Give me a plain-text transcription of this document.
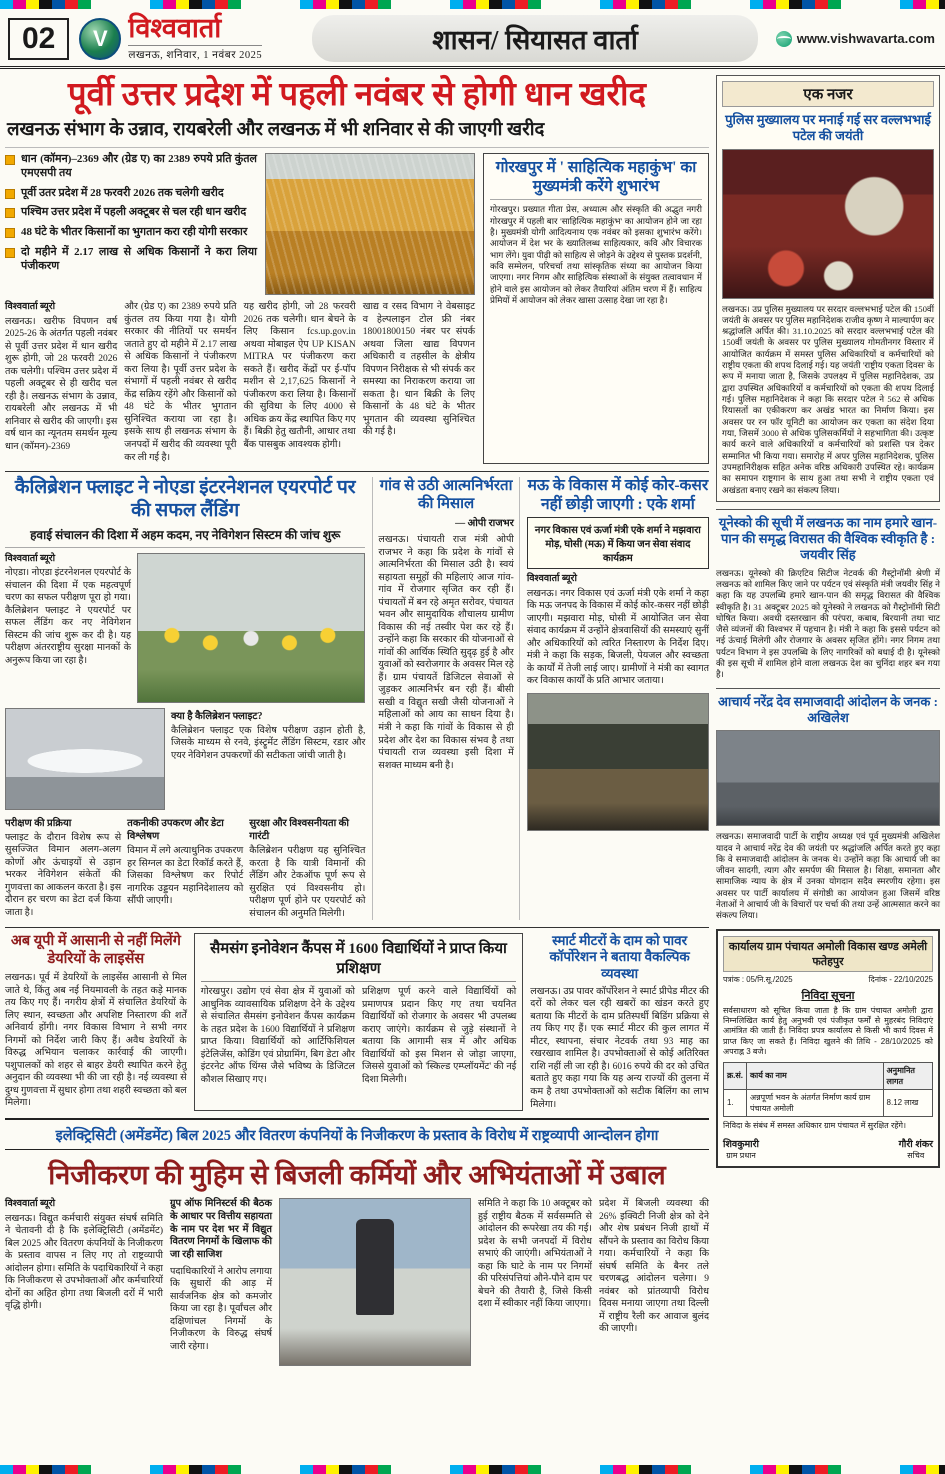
02	V विश्ववार्ता
लखनऊ, शनिवार, 1 नवंबर 2025
शासन/ सियासत वार्ता	www.vishwavarta.com
पूर्वी उत्तर प्रदेश में पहली नवंबर से होगी धान खरीद
लखनऊ संभाग के उन्नाव, रायबरेली और लखनऊ में भी शनिवार से की जाएगी खरीद
धान (कॉमन)–2369 और (ग्रेड ए) का 2389 रुपये प्रति कुंतल एमएसपी तय
पूर्वी उतर प्रदेश में 28 फरवरी 2026 तक चलेगी खरीद
पश्चिम उत्तर प्रदेश में पहली अक्टूबर से चल रही धान खरीद
48 घंटे के भीतर किसानों का भुगतान करा रही योगी सरकार
दो महीने में 2.17 लाख से अधिक किसानों ने करा लिया पंजीकरण
विश्ववार्ता ब्यूरो

लखनऊ। खरीफ विपणन वर्ष 2025-26 के अंतर्गत पहली नवंबर से पूर्वी उत्तर प्रदेश में धान खरीद शुरू होगी, जो 28 फरवरी 2026 तक चलेगी। पश्चिम उत्तर प्रदेश में पहली अक्टूबर से ही खरीद चल रही है। लखनऊ संभाग के उन्नाव, रायबरेली और लखनऊ में भी शनिवार से खरीद की जाएगी। इस वर्ष धान का न्यूनतम समर्थन मूल्य धान (कॉमन)-2369

और (ग्रेड ए) का 2389 रुपये प्रति कुंतल तय किया गया है। योगी सरकार की नीतियों पर समर्थन जताते हुए दो महीने में 2.17 लाख से अधिक किसानों ने पंजीकरण करा लिया है। पूर्वी उत्तर प्रदेश के संभागों में पहली नवंबर से खरीद केंद्र सक्रिय रहेंगे और किसानों को 48 घंटे के भीतर भुगतान सुनिश्चित कराया जा रहा है। इसके साथ ही लखनऊ संभाग के जनपदों में खरीद की व्यवस्था पूरी कर ली गई है।

यह खरीद होगी, जो 28 फरवरी 2026 तक चलेगी। धान बेचने के लिए किसान fcs.up.gov.in अथवा मोबाइल ऐप UP KISAN MITRA पर पंजीकरण करा सकते हैं। खरीद केंद्रों पर ई-पॉप मशीन से 2,17,625 किसानों ने पंजीकरण करा लिया है। किसानों की सुविधा के लिए 4000 से अधिक क्रय केंद्र स्थापित किए गए हैं। बिक्री हेतु खतौनी, आधार तथा बैंक पासबुक आवश्यक होगी।

खाद्य व रसद विभाग ने वेबसाइट व हेल्पलाइन टोल फ्री नंबर 18001800150 नंबर पर संपर्क अथवा जिला खाद्य विपणन अधिकारी व तहसील के क्षेत्रीय विपणन निरीक्षक से भी संपर्क कर समस्या का निराकरण कराया जा सकता है। धान बिक्री के लिए किसानों के 48 घंटे के भीतर भुगतान की व्यवस्था सुनिश्चित की गई है।

गोरखपुर में ' साहित्यिक महाकुंभ' का मुख्यमंत्री करेंगे शुभारंभ

गोरखपुर। प्रख्यात गीता प्रेस, अध्यात्म और संस्कृति की अद्भुत नगरी गोरखपुर में पहली बार 'साहित्यिक महाकुंभ' का आयोजन होने जा रहा है। मुख्यमंत्री योगी आदित्यनाथ एक नवंबर को इसका शुभारंभ करेंगे। आयोजन में देश भर के ख्यातिलब्ध साहित्यकार, कवि और विचारक भाग लेंगे। युवा पीढ़ी को साहित्य से जोड़ने के उद्देश्य से पुस्तक प्रदर्शनी, कवि सम्मेलन, परिचर्चा तथा सांस्कृतिक संध्या का आयोजन किया जाएगा। नगर निगम और साहित्यिक संस्थाओं के संयुक्त तत्वावधान में होने वाले इस आयोजन को लेकर तैयारियां अंतिम चरण में हैं। साहित्य प्रेमियों में आयोजन को लेकर खासा उत्साह देखा जा रहा है।

कैलिब्रेशन फ्लाइट ने नोएडा इंटरनेशनल एयरपोर्ट पर की सफल लैंडिंग
हवाई संचालन की दिशा में अहम कदम, नए नेविगेशन सिस्टम की जांच शुरू
विश्ववार्ता ब्यूरो

नोएडा। नोएडा इंटरनेशनल एयरपोर्ट के संचालन की दिशा में एक महत्वपूर्ण चरण का सफल परीक्षण पूरा हो गया। कैलिब्रेशन फ्लाइट ने एयरपोर्ट पर सफल लैंडिंग कर नए नेविगेशन सिस्टम की जांच शुरू कर दी है। यह परीक्षण अंतरराष्ट्रीय सुरक्षा मानकों के अनुरूप किया जा रहा है।

क्या है कैलिब्रेशन फ्लाइट?

कैलिब्रेशन फ्लाइट एक विशेष परीक्षण उड़ान होती है, जिसके माध्यम से रनवे, इंस्ट्रूमेंट लैंडिंग सिस्टम, रडार और एयर नेविगेशन उपकरणों की सटीकता जांची जाती है।

परीक्षण की प्रक्रिया

फ्लाइट के दौरान विशेष रूप से सुसज्जित विमान अलग-अलग कोणों और ऊंचाइयों से उड़ान भरकर नेविगेशन संकेतों की गुणवत्ता का आकलन करता है। इस दौरान हर चरण का डेटा दर्ज किया जाता है।

तकनीकी उपकरण और डेटा विश्लेषण

विमान में लगे अत्याधुनिक उपकरण हर सिग्नल का डेटा रिकॉर्ड करते हैं, जिसका विश्लेषण कर रिपोर्ट नागरिक उड्डयन महानिदेशालय को सौंपी जाएगी।

सुरक्षा और विश्वसनीयता की गारंटी

कैलिब्रेशन परीक्षण यह सुनिश्चित करता है कि यात्री विमानों की लैंडिंग और टेकऑफ पूर्ण रूप से सुरक्षित एवं विश्वसनीय हो। परीक्षण पूर्ण होने पर एयरपोर्ट को संचालन की अनुमति मिलेगी।

गांव से उठी आत्मनिर्भरता की मिसाल
— ओपी राजभर

लखनऊ। पंचायती राज मंत्री ओपी राजभर ने कहा कि प्रदेश के गांवों से आत्मनिर्भरता की मिसाल उठी है। स्वयं सहायता समूहों की महिलाएं आज गांव-गांव में रोजगार सृजित कर रही हैं। पंचायतों में बन रहे अमृत सरोवर, पंचायत भवन और सामुदायिक शौचालय ग्रामीण विकास की नई तस्वीर पेश कर रहे हैं। उन्होंने कहा कि सरकार की योजनाओं से गांवों की आर्थिक स्थिति सुदृढ़ हुई है और युवाओं को स्वरोजगार के अवसर मिल रहे हैं। ग्राम पंचायतें डिजिटल सेवाओं से जुड़कर आत्मनिर्भर बन रही हैं। बीसी सखी व विद्युत सखी जैसी योजनाओं ने महिलाओं को आय का साधन दिया है। मंत्री ने कहा कि गांवों के विकास से ही प्रदेश और देश का विकास संभव है तथा पंचायती राज व्यवस्था इसी दिशा में सशक्त माध्यम बनी है।

मऊ के विकास में कोई कोर-कसर नहीं छोड़ी जाएगी : एके शर्मा
नगर विकास एवं ऊर्जा मंत्री एके शर्मा ने मझवारा मोड़, घोसी (मऊ) में किया जन सेवा संवाद कार्यक्रम
विश्ववार्ता ब्यूरो

लखनऊ। नगर विकास एवं ऊर्जा मंत्री एके शर्मा ने कहा कि मऊ जनपद के विकास में कोई कोर-कसर नहीं छोड़ी जाएगी। मझवारा मोड़, घोसी में आयोजित जन सेवा संवाद कार्यक्रम में उन्होंने क्षेत्रवासियों की समस्याएं सुनीं और अधिकारियों को त्वरित निस्तारण के निर्देश दिए। मंत्री ने कहा कि सड़क, बिजली, पेयजल और स्वच्छता के कार्यों में तेजी लाई जाए। ग्रामीणों ने मंत्री का स्वागत कर विकास कार्यों के प्रति आभार जताया।

अब यूपी में आसानी से नहीं मिलेंगे डेयरियों के लाइसेंस

लखनऊ। पूर्व में डेयरियों के लाइसेंस आसानी से मिल जाते थे, किंतु अब नई नियमावली के तहत कड़े मानक तय किए गए हैं। नगरीय क्षेत्रों में संचालित डेयरियों के लिए स्थान, स्वच्छता और अपशिष्ट निस्तारण की शर्तें अनिवार्य होंगी। नगर विकास विभाग ने सभी नगर निगमों को निर्देश जारी किए हैं। अवैध डेयरियों के विरुद्ध अभियान चलाकर कार्रवाई की जाएगी। पशुपालकों को शहर से बाहर डेयरी स्थापित करने हेतु अनुदान की व्यवस्था भी की जा रही है। नई व्यवस्था से दुग्ध गुणवत्ता में सुधार होगा तथा शहरी स्वच्छता को बल मिलेगा।

सैमसंग इनोवेशन कैंपस में 1600 विद्यार्थियों ने प्राप्त किया प्रशिक्षण

गोरखपुर। उद्योग एवं सेवा क्षेत्र में युवाओं को आधुनिक व्यावसायिक प्रशिक्षण देने के उद्देश्य से संचालित सैमसंग इनोवेशन कैंपस कार्यक्रम के तहत प्रदेश के 1600 विद्यार्थियों ने प्रशिक्षण प्राप्त किया। विद्यार्थियों को आर्टिफिशियल इंटेलिजेंस, कोडिंग एवं प्रोग्रामिंग, बिग डेटा और इंटरनेट ऑफ थिंग्स जैसे भविष्य के डिजिटल कौशल सिखाए गए।

प्रशिक्षण पूर्ण करने वाले विद्यार्थियों को प्रमाणपत्र प्रदान किए गए तथा चयनित विद्यार्थियों को रोजगार के अवसर भी उपलब्ध कराए जाएंगे। कार्यक्रम से जुड़े संस्थानों ने बताया कि आगामी सत्र में और अधिक विद्यार्थियों को इस मिशन से जोड़ा जाएगा, जिससे युवाओं को 'स्किल्ड एम्प्लॉयमेंट' की नई दिशा मिलेगी।

स्मार्ट मीटरों के दाम को पावर कॉर्पोरेशन ने बताया वैकल्पिक व्यवस्था

लखनऊ। उप्र पावर कॉर्पोरेशन ने स्मार्ट प्रीपेड मीटर की दरों को लेकर चल रही खबरों का खंडन करते हुए बताया कि मीटरों के दाम प्रतिस्पर्धी बिडिंग प्रक्रिया से तय किए गए हैं। एक स्मार्ट मीटर की कुल लागत में मीटर, स्थापना, संचार नेटवर्क तथा 93 माह का रखरखाव शामिल है। उपभोक्ताओं से कोई अतिरिक्त राशि नहीं ली जा रही है। 6016 रुपये की दर को उचित बताते हुए कहा गया कि यह अन्य राज्यों की तुलना में कम है तथा उपभोक्ताओं को सटीक बिलिंग का लाभ मिलेगा।

इलेक्ट्रिसिटी (अमेंडमेंट) बिल 2025 और वितरण कंपनियों के निजीकरण के प्रस्ताव के विरोध में राष्ट्रव्यापी आन्दोलन होगा
निजीकरण की मुहिम से बिजली कर्मियों और अभियंताओं में उबाल
विश्ववार्ता ब्यूरो

लखनऊ। विद्युत कर्मचारी संयुक्त संघर्ष समिति ने चेतावनी दी है कि इलेक्ट्रिसिटी (अमेंडमेंट) बिल 2025 और वितरण कंपनियों के निजीकरण के प्रस्ताव वापस न लिए गए तो राष्ट्रव्यापी आंदोलन होगा। समिति के पदाधिकारियों ने कहा कि निजीकरण से उपभोक्ताओं और कर्मचारियों दोनों का अहित होगा तथा बिजली दरों में भारी वृद्धि होगी।

ग्रुप ऑफ मिनिस्टर्स की बैठक के आधार पर वित्तीय सहायता के नाम पर देश भर में विद्युत वितरण निगमों के खिलाफ की जा रही साजिश

पदाधिकारियों ने आरोप लगाया कि सुधारों की आड़ में सार्वजनिक क्षेत्र को कमजोर किया जा रहा है। पूर्वांचल और दक्षिणांचल निगमों के निजीकरण के विरुद्ध संघर्ष जारी रहेगा।

समिति ने कहा कि 10 अक्टूबर को हुई राष्ट्रीय बैठक में सर्वसम्मति से आंदोलन की रूपरेखा तय की गई। प्रदेश के सभी जनपदों में विरोध सभाएं की जाएंगी। अभियंताओं ने कहा कि घाटे के नाम पर निगमों की परिसंपत्तियां औने-पौने दाम पर बेचने की तैयारी है, जिसे किसी दशा में स्वीकार नहीं किया जाएगा।

प्रदेश में बिजली व्यवस्था की 26% इक्विटी निजी क्षेत्र को देने और शेष प्रबंधन निजी हाथों में सौंपने के प्रस्ताव का विरोध किया गया। कर्मचारियों ने कहा कि संघर्ष समिति के बैनर तले चरणबद्ध आंदोलन चलेगा। 9 नवंबर को प्रांतव्यापी विरोध दिवस मनाया जाएगा तथा दिल्ली में राष्ट्रीय रैली कर आवाज बुलंद की जाएगी।

एक नजर
पुलिस मुख्यालय पर मनाई गई सर वल्लभभाई पटेल की जयंती

लखनऊ। उप्र पुलिस मुख्यालय पर सरदार वल्लभभाई पटेल की 150वीं जयंती के अवसर पर पुलिस महानिदेशक राजीव कृष्ण ने माल्यार्पण कर श्रद्धांजलि अर्पित की। 31.10.2025 को सरदार वल्लभभाई पटेल की 150वीं जयंती के अवसर पर पुलिस मुख्यालय गोमतीनगर विस्तार में आयोजित कार्यक्रम में समस्त पुलिस अधिकारियों व कर्मचारियों को राष्ट्रीय एकता की शपथ दिलाई गई। यह जयंती 'राष्ट्रीय एकता दिवस' के रूप में मनाया जाता है, जिसके उपलक्ष्य में पुलिस महानिदेशक, उप्र द्वारा उपस्थित अधिकारियों व कर्मचारियों को एकता की शपथ दिलाई गई। पुलिस महानिदेशक ने कहा कि सरदार पटेल ने 562 से अधिक रियासतों का एकीकरण कर अखंड भारत का निर्माण किया। इस अवसर पर रन फॉर यूनिटी का आयोजन कर एकता का संदेश दिया गया, जिसमें 3000 से अधिक पुलिसकर्मियों ने सहभागिता की। उत्कृष्ट कार्य करने वाले अधिकारियों व कर्मचारियों को प्रशस्ति पत्र देकर सम्मानित भी किया गया। समारोह में अपर पुलिस महानिदेशक, पुलिस उपमहानिरीक्षक सहित अनेक वरिष्ठ अधिकारी उपस्थित रहे। कार्यक्रम का समापन राष्ट्रगान के साथ हुआ तथा सभी ने राष्ट्रीय एकता एवं अखंडता बनाए रखने का संकल्प लिया।

यूनेस्को की सूची में लखनऊ का नाम हमारे खान-पान की समृद्ध विरासत की वैश्विक स्वीकृति है : जयवीर सिंह

लखनऊ। यूनेस्को की क्रिएटिव सिटीज नेटवर्क की गैस्ट्रोनॉमी श्रेणी में लखनऊ को शामिल किए जाने पर पर्यटन एवं संस्कृति मंत्री जयवीर सिंह ने कहा कि यह उपलब्धि हमारे खान-पान की समृद्ध विरासत की वैश्विक स्वीकृति है। 31 अक्टूबर 2025 को यूनेस्को ने लखनऊ को गैस्ट्रोनॉमी सिटी घोषित किया। अवधी दस्तरखान की परंपरा, कबाब, बिरयानी तथा चाट जैसे व्यंजनों की विश्वभर में पहचान है। मंत्री ने कहा कि इससे पर्यटन को नई ऊंचाई मिलेगी और रोजगार के अवसर सृजित होंगे। नगर निगम तथा पर्यटन विभाग ने इस उपलब्धि के लिए नागरिकों को बधाई दी है। यूनेस्को की इस सूची में शामिल होने वाला लखनऊ देश का चुनिंदा शहर बन गया है।

आचार्य नरेंद्र देव समाजवादी आंदोलन के जनक : अखिलेश

लखनऊ। समाजवादी पार्टी के राष्ट्रीय अध्यक्ष एवं पूर्व मुख्यमंत्री अखिलेश यादव ने आचार्य नरेंद्र देव की जयंती पर श्रद्धांजलि अर्पित करते हुए कहा कि वे समाजवादी आंदोलन के जनक थे। उन्होंने कहा कि आचार्य जी का जीवन सादगी, त्याग और समर्पण की मिसाल है। शिक्षा, समानता और सामाजिक न्याय के क्षेत्र में उनका योगदान सदैव स्मरणीय रहेगा। इस अवसर पर पार्टी कार्यालय में संगोष्ठी का आयोजन हुआ जिसमें वरिष्ठ नेताओं ने आचार्य जी के विचारों पर चर्चा की तथा उन्हें आत्मसात करने का संकल्प लिया।

कार्यालय ग्राम पंचायत अमोली विकास खण्ड अमेली फतेहपुर
पत्रांक : 05/नि.सू./2025	दिनांक - 22/10/2025
निविदा सूचना

सर्वसाधारण को सूचित किया जाता है कि ग्राम पंचायत अमोली द्वारा निम्नलिखित कार्य हेतु अनुभवी एवं पंजीकृत फर्मों से मुहरबंद निविदाएं आमंत्रित की जाती हैं। निविदा प्रपत्र कार्यालय से किसी भी कार्य दिवस में प्राप्त किए जा सकते हैं। निविदा खुलने की तिथि - 28/10/2025 को अपराह्न 3 बजे।

क्र.सं.	कार्य का नाम	अनुमानित लागत
1.	अन्नपूर्णा भवन के अंतर्गत निर्माण कार्य ग्राम पंचायत अमोली	8.12 लाख

निविदा के संबंध में समस्त अधिकार ग्राम पंचायत में सुरक्षित रहेंगे।

शिवकुमारी
ग्राम प्रधान
गौरी शंकर
सचिव
